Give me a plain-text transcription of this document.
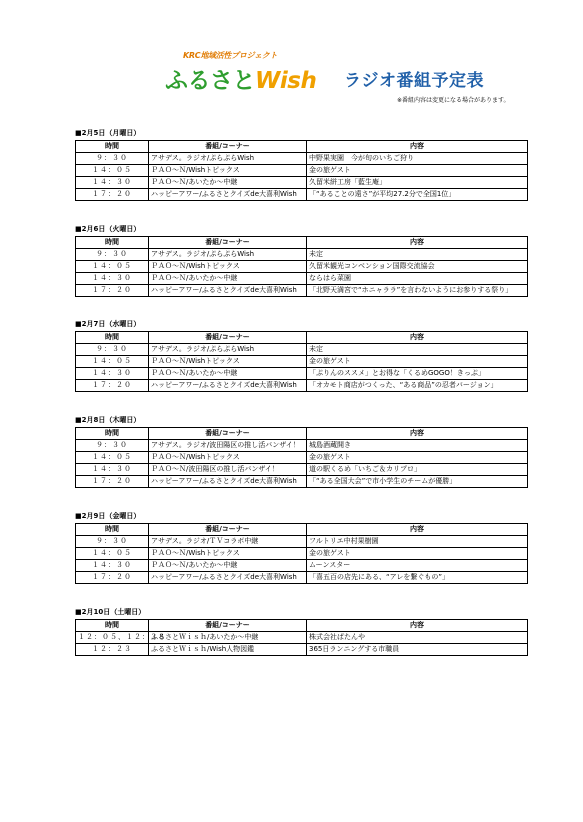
KRC地域活性プロジェクト
ふるさとWish ラジオ番組予定表
※番組内容は変更になる場合があります。
■2月5日（月曜日）
時間	番組/コーナー	内容
９：３０	アサデス。ラジオ/ぷらぷらWish	中野果実園　今が旬のいちご狩り
１４：０５	ＰＡＯ～Ｎ/Wishトピックス	金の旅ゲスト
１４：３０	ＰＡＯ～Ｎ/あいたか～中継	久留米絣工房「藍生庵」
１７：２０	ハッピーアワー/ふるさとクイズde大喜利Wish	「“あることの遠さ”が平均27.2分で全国1位」
■2月6日（火曜日）
時間	番組/コーナー	内容
９：３０	アサデス。ラジオ/ぷらぷらWish	未定
１４：０５	ＰＡＯ～Ｎ/Wishトピックス	久留米観光コンベンション国際交流協会
１４：３０	ＰＡＯ～Ｎ/あいたか～中継	ならはら菜園
１７：２０	ハッピーアワー/ふるさとクイズde大喜利Wish	「北野天満宮で“ホニャララ”を言わないようにお参りする祭り」
■2月7日（水曜日）
時間	番組/コーナー	内容
９：３０	アサデス。ラジオ/ぷらぷらWish	未定
１４：０５	ＰＡＯ～Ｎ/Wishトピックス	金の旅ゲスト
１４：３０	ＰＡＯ～Ｎ/あいたか～中継	「ぷりんのススメ」とお得な「くるめGOGO！きっぷ」
１７：２０	ハッピーアワー/ふるさとクイズde大喜利Wish	「オカモト商店がつくった、“ある商品”の忍者バージョン」
■2月8日（木曜日）
時間	番組/コーナー	内容
９：３０	アサデス。ラジオ/波田陽区の推し活バンザイ！	城島酒蔵開き
１４：０５	ＰＡＯ～Ｎ/Wishトピックス	金の旅ゲスト
１４：３０	ＰＡＯ～Ｎ/波田陽区の推し活バンザイ！	道の駅くるめ「いちご＆カリプロ」
１７：２０	ハッピーアワー/ふるさとクイズde大喜利Wish	「“ある全国大会”で市小学生のチームが優勝」
■2月9日（金曜日）
時間	番組/コーナー	内容
９：３０	アサデス。ラジオ/ＴＶコラボ中継	フルトリエ中村果樹園
１４：０５	ＰＡＯ～Ｎ/Wishトピックス	金の旅ゲスト
１４：３０	ＰＡＯ～Ｎ/あいたか～中継	ムーンスター
１７：２０	ハッピーアワー/ふるさとクイズde大喜利Wish	「喜五百の店先にある、“アレを繋ぐもの”」
■2月10日（土曜日）
時間	番組/コーナー	内容
１２：０５、１２：３８	ふるさとＷｉｓｈ/あいたか～中継	株式会社ぱたんや
１２：２３	ふるさとＷｉｓｈ/Wish人物図鑑	365日ランニングする市職員
